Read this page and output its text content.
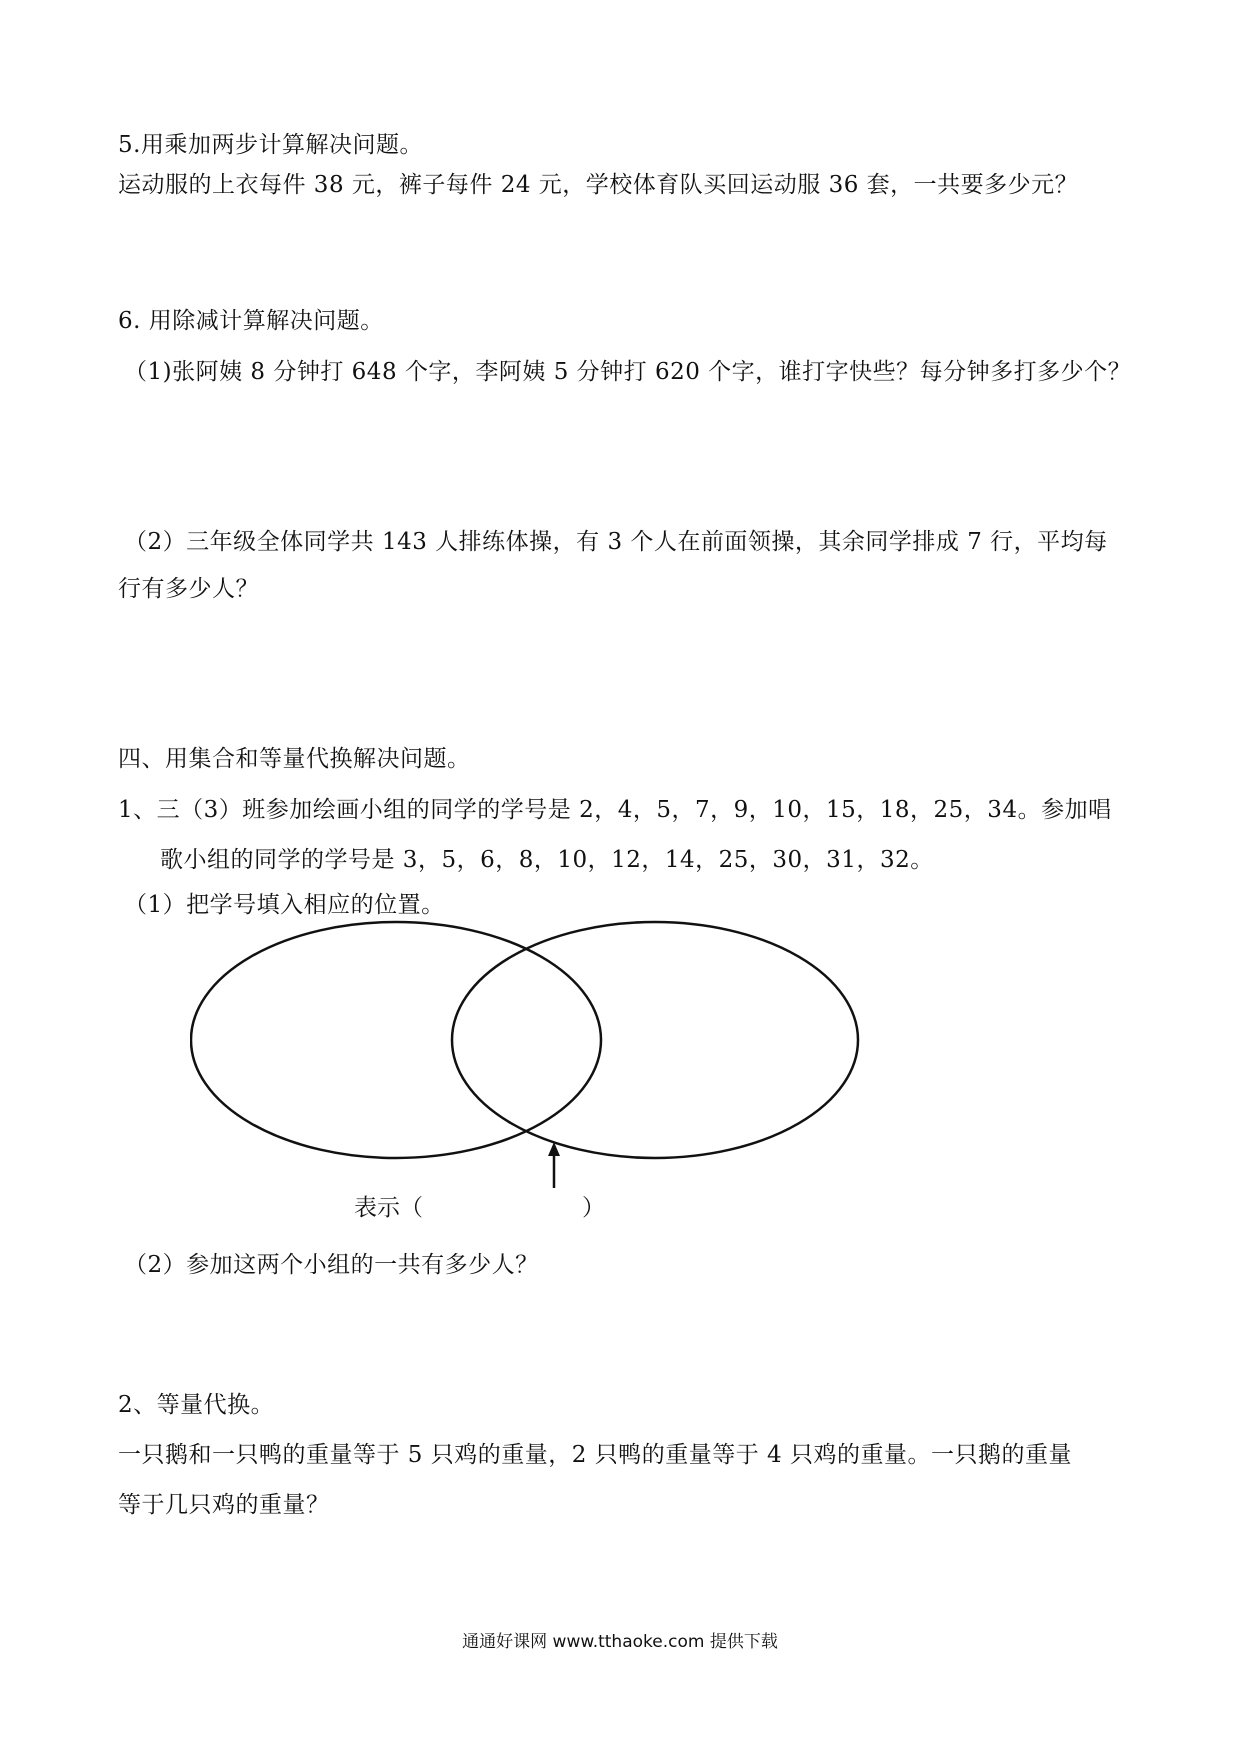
5.用乘加两步计算解决问题。
运动服的上衣每件 38 元，裤子每件 24 元，学校体育队买回运动服 36 套，一共要多少元？
6. 用除减计算解决问题。
（1)张阿姨 8 分钟打 648 个字，李阿姨 5 分钟打 620 个字，谁打字快些？每分钟多打多少个？
（2）三年级全体同学共 143 人排练体操，有 3 个人在前面领操，其余同学排成 7 行，平均每
行有多少人？
四、用集合和等量代换解决问题。
1、三（3）班参加绘画小组的同学的学号是 2，4，5，7，9，10，15，18，25，34。参加唱
歌小组的同学的学号是 3，5，6，8，10，12，14，25，30，31，32。
（1）把学号填入相应的位置。
表示（	）
（2）参加这两个小组的一共有多少人？
2、等量代换。
一只鹅和一只鸭的重量等于 5 只鸡的重量，2 只鸭的重量等于 4 只鸡的重量。一只鹅的重量
等于几只鸡的重量？
通通好课网 www.tthaoke.com 提供下载
